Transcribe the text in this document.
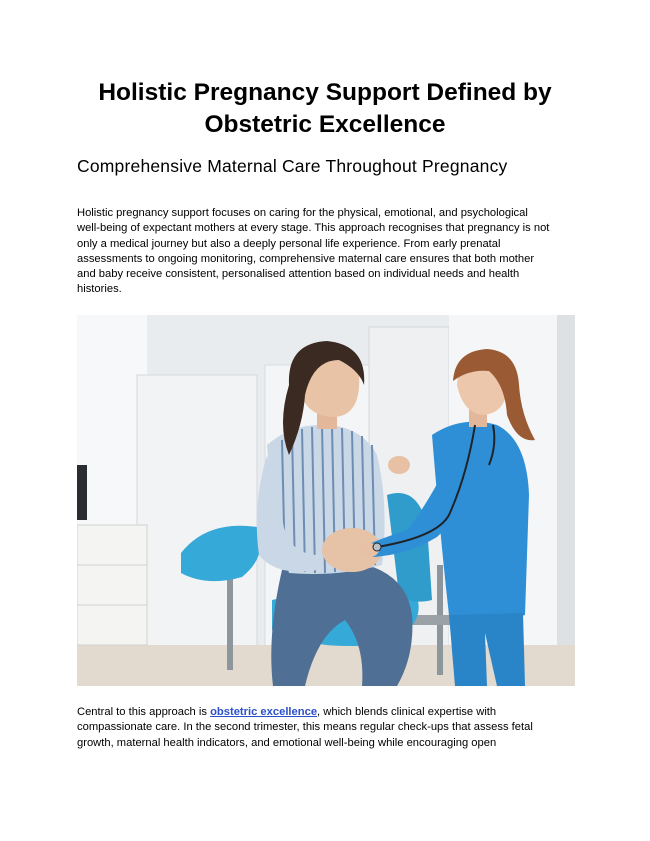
Holistic Pregnancy Support Defined by
Obstetric Excellence
Comprehensive Maternal Care Throughout Pregnancy

Holistic pregnancy support focuses on caring for the physical, emotional, and psychological
well-being of expectant mothers at every stage. This approach recognises that pregnancy is not
only a medical journey but also a deeply personal life experience. From early prenatal
assessments to ongoing monitoring, comprehensive maternal care ensures that both mother
and baby receive consistent, personalised attention based on individual needs and health
histories.

Central to this approach is obstetric excellence, which blends clinical expertise with
compassionate care. In the second trimester, this means regular check-ups that assess fetal
growth, maternal health indicators, and emotional well-being while encouraging open
